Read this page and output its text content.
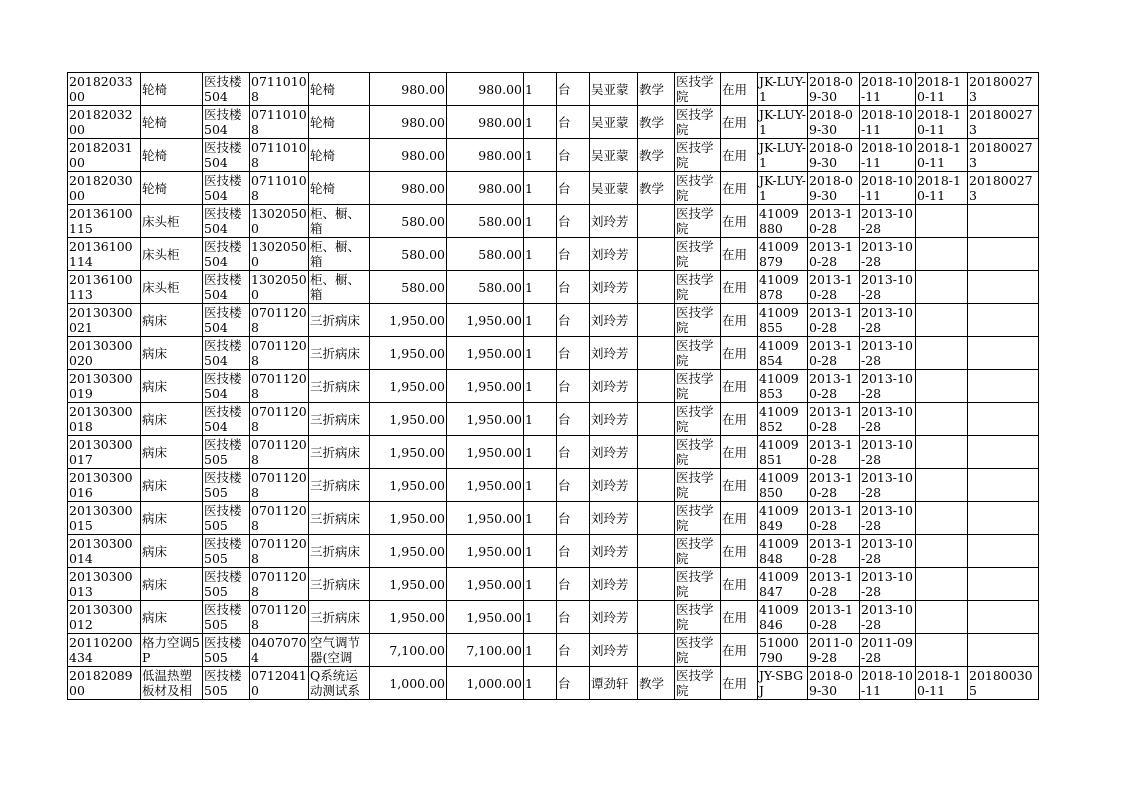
2018203300	轮椅	医技楼504	07110108	轮椅	980.00	980.00	1	台	吴亚蒙	教学	医技学院	在用	JK-LUY-1	2018-09-30	2018-10-11	2018-10-11	201800273
2018203200	轮椅	医技楼504	07110108	轮椅	980.00	980.00	1	台	吴亚蒙	教学	医技学院	在用	JK-LUY-1	2018-09-30	2018-10-11	2018-10-11	201800273
2018203100	轮椅	医技楼504	07110108	轮椅	980.00	980.00	1	台	吴亚蒙	教学	医技学院	在用	JK-LUY-1	2018-09-30	2018-10-11	2018-10-11	201800273
2018203000	轮椅	医技楼504	07110108	轮椅	980.00	980.00	1	台	吴亚蒙	教学	医技学院	在用	JK-LUY-1	2018-09-30	2018-10-11	2018-10-11	201800273
20136100115	床头柜	医技楼504	13020500	柜、橱、箱	580.00	580.00	1	台	刘玲芳		医技学院	在用	41009880	2013-10-28	2013-10-28		
20136100114	床头柜	医技楼504	13020500	柜、橱、箱	580.00	580.00	1	台	刘玲芳		医技学院	在用	41009879	2013-10-28	2013-10-28		
20136100113	床头柜	医技楼504	13020500	柜、橱、箱	580.00	580.00	1	台	刘玲芳		医技学院	在用	41009878	2013-10-28	2013-10-28		
20130300021	病床	医技楼504	07011208	三折病床	1,950.00	1,950.00	1	台	刘玲芳		医技学院	在用	41009855	2013-10-28	2013-10-28		
20130300020	病床	医技楼504	07011208	三折病床	1,950.00	1,950.00	1	台	刘玲芳		医技学院	在用	41009854	2013-10-28	2013-10-28		
20130300019	病床	医技楼504	07011208	三折病床	1,950.00	1,950.00	1	台	刘玲芳		医技学院	在用	41009853	2013-10-28	2013-10-28		
20130300018	病床	医技楼504	07011208	三折病床	1,950.00	1,950.00	1	台	刘玲芳		医技学院	在用	41009852	2013-10-28	2013-10-28		
20130300017	病床	医技楼505	07011208	三折病床	1,950.00	1,950.00	1	台	刘玲芳		医技学院	在用	41009851	2013-10-28	2013-10-28		
20130300016	病床	医技楼505	07011208	三折病床	1,950.00	1,950.00	1	台	刘玲芳		医技学院	在用	41009850	2013-10-28	2013-10-28		
20130300015	病床	医技楼505	07011208	三折病床	1,950.00	1,950.00	1	台	刘玲芳		医技学院	在用	41009849	2013-10-28	2013-10-28		
20130300014	病床	医技楼505	07011208	三折病床	1,950.00	1,950.00	1	台	刘玲芳		医技学院	在用	41009848	2013-10-28	2013-10-28		
20130300013	病床	医技楼505	07011208	三折病床	1,950.00	1,950.00	1	台	刘玲芳		医技学院	在用	41009847	2013-10-28	2013-10-28		
20130300012	病床	医技楼505	07011208	三折病床	1,950.00	1,950.00	1	台	刘玲芳		医技学院	在用	41009846	2013-10-28	2013-10-28		
20110200434	格力空调5P	医技楼505	04070704	空气调节器(空调	7,100.00	7,100.00	1	台	刘玲芳		医技学院	在用	51000790	2011-09-28	2011-09-28		
2018208900	低温热塑板材及相	医技楼505	07120410	Q系统运动测试系	1,000.00	1,000.00	1	台	谭劲轩	教学	医技学院	在用	JY-SBGJ	2018-09-30	2018-10-11	2018-10-11	201800305
